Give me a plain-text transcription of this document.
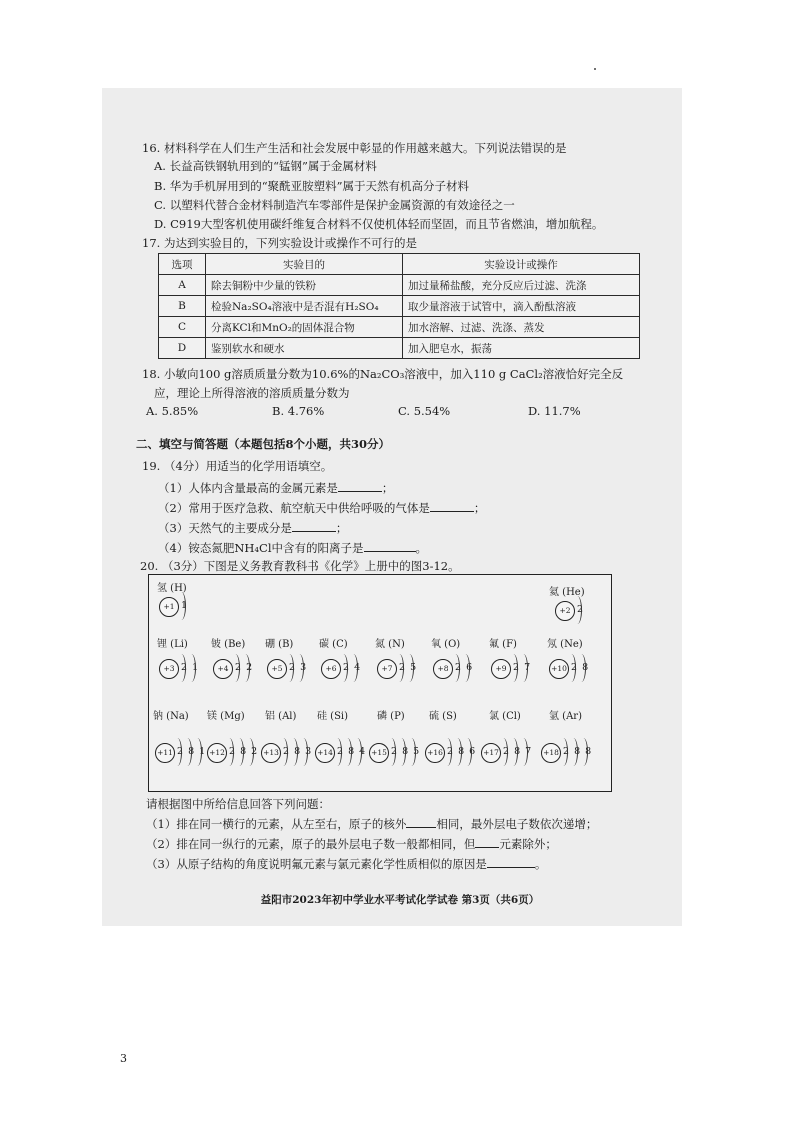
16. 材料科学在人们生产生活和社会发展中彰显的作用越来越大。下列说法错误的是
A. 长益高铁钢轨用到的“锰钢”属于金属材料
B. 华为手机屏用到的“聚酰亚胺塑料”属于天然有机高分子材料
C. 以塑料代替合金材料制造汽车零部件是保护金属资源的有效途径之一
D. C919大型客机使用碳纤维复合材料不仅使机体轻而坚固，而且节省燃油，增加航程。
17. 为达到实验目的，下列实验设计或操作不可行的是
选项	实验目的	实验设计或操作
A	除去铜粉中少量的铁粉	加过量稀盐酸，充分反应后过滤、洗涤
B	检验Na₂SO₄溶液中是否混有H₂SO₄	取少量溶液于试管中，滴入酚酞溶液
C	分离KCl和MnO₂的固体混合物	加水溶解、过滤、洗涤、蒸发
D	鉴别软水和硬水	加入肥皂水，振荡
18. 小敏向100 g溶质质量分数为10.6%的Na₂CO₃溶液中，加入110 g CaCl₂溶液恰好完全反
应，理论上所得溶液的溶质质量分数为
A. 5.85%	B. 4.76%	C. 5.54%	D. 11.7%
二、填空与简答题（本题包括8个小题，共30分）
19. （4分）用适当的化学用语填空。
（1）人体内含量最高的金属元素是	；
（2）常用于医疗急救、航空航天中供给呼吸的气体是	；
（3）天然气的主要成分是	；
（4）铵态氮肥NH₄Cl中含有的阳离子是	。
20. （3分）下图是义务教育教科书《化学》上册中的图3-12。
氢 (H)
+1 1
氦 (He)
+2 2
锂 (Li)
+3 2 1
铍 (Be)
+4 2 2
硼 (B)
+5 2 3
碳 (C)
+6 2 4
氮 (N)
+7 2 5
氧 (O)
+8 2 6
氟 (F)
+9 2 7
氖 (Ne)
+10 2 8
钠 (Na)
+11 2 8 1
镁 (Mg)
+12 2 8 2
铝 (Al)
+13 2 8 3
硅 (Si)
+14 2 8 4
磷 (P)
+15 2 8 5
硫 (S)
+16 2 8 6
氯 (Cl)
+17 2 8 7
氩 (Ar)
+18 2 8 8
请根据图中所给信息回答下列问题：
（1）排在同一横行的元素，从左至右，原子的核外	相同，最外层电子数依次递增；
（2）排在同一纵行的元素，原子的最外层电子数一般都相同，但 元素除外；
（3）从原子结构的角度说明氟元素与氯元素化学性质相似的原因是	。
益阳市2023年初中学业水平考试化学试卷 第3页（共6页）
3
